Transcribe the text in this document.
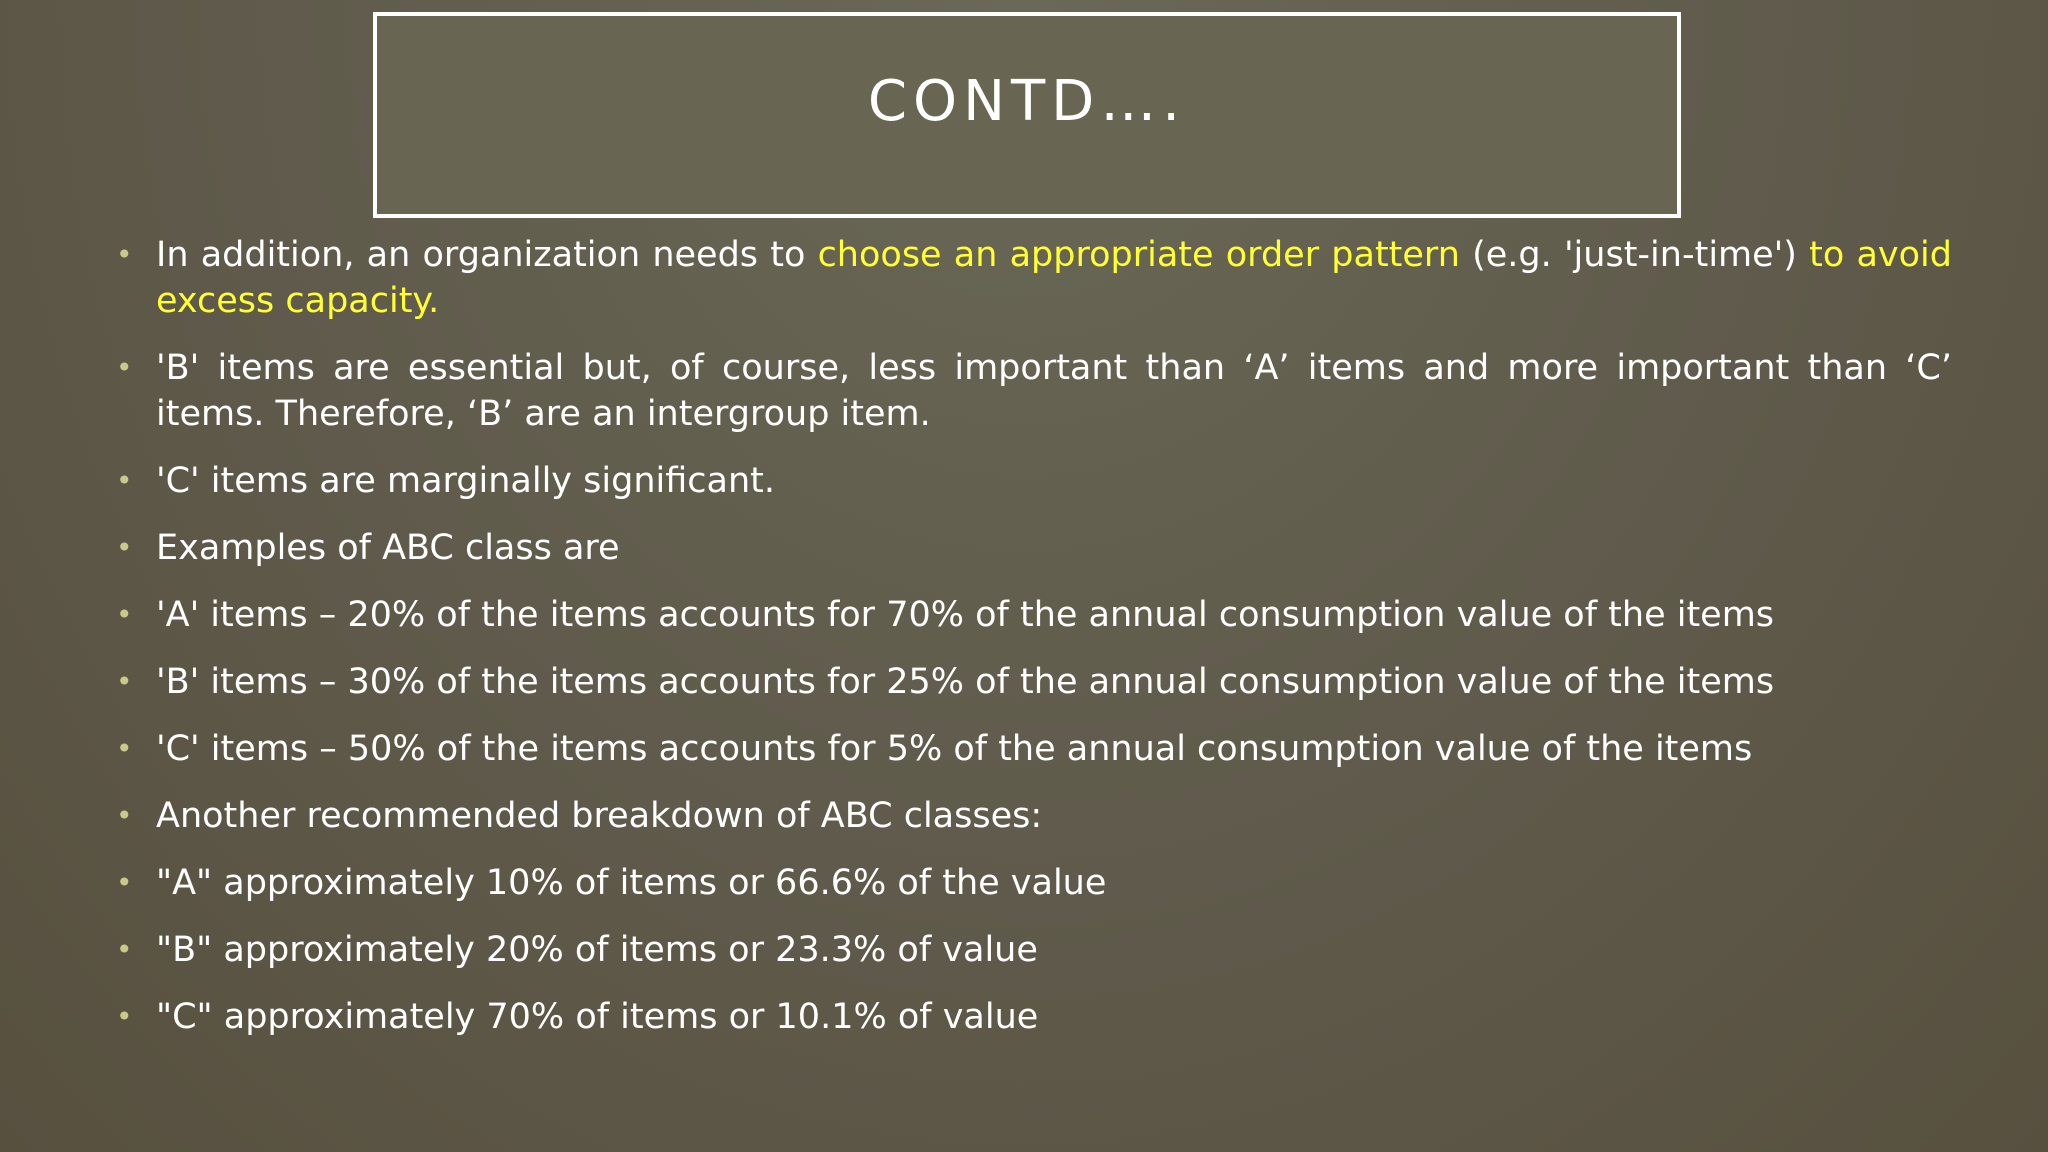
CONTD….
• In addition, an organization needs to choose an appropriate order pattern (e.g. 'just-in-time') to avoid excess capacity.
• 'B' items are essential but, of course, less important than ‘A’ items and more important than ‘C’ items. Therefore, ‘B’ are an intergroup item.
• 'C' items are marginally significant.
• Examples of ABC class are
• 'A' items – 20% of the items accounts for 70% of the annual consumption value of the items
• 'B' items – 30% of the items accounts for 25% of the annual consumption value of the items
• 'C' items – 50% of the items accounts for 5% of the annual consumption value of the items
• Another recommended breakdown of ABC classes:
• "A" approximately 10% of items or 66.6% of the value
• "B" approximately 20% of items or 23.3% of value
• "C" approximately 70% of items or 10.1% of value
